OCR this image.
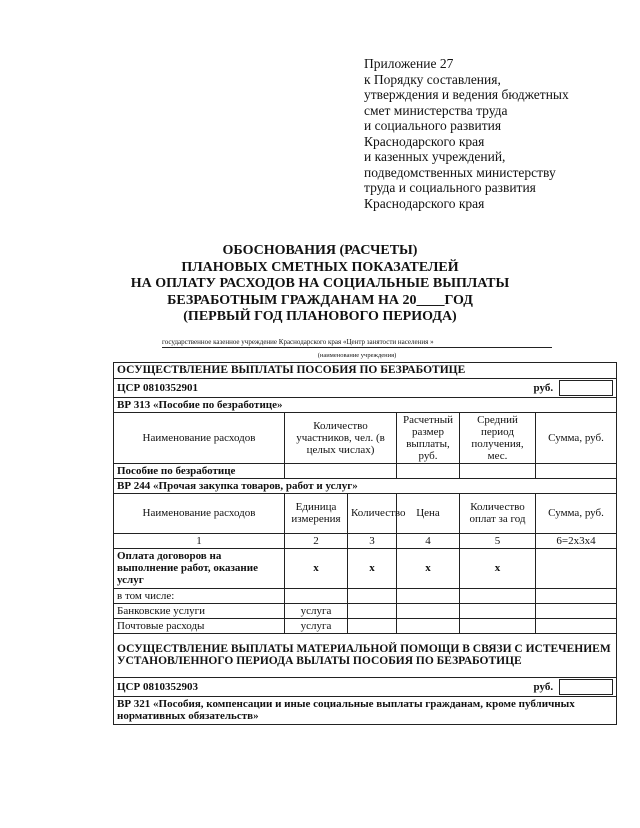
Приложение 27
к Порядку составления,
утверждения и ведения бюджетных
смет министерства труда
и социального развития
Краснодарского края
и казенных учреждений,
подведомственных министерству
труда и социального развития
Краснодарского края
ОБОСНОВАНИЯ (РАСЧЕТЫ)
ПЛАНОВЫХ СМЕТНЫХ ПОКАЗАТЕЛЕЙ
НА ОПЛАТУ РАСХОДОВ НА СОЦИАЛЬНЫЕ ВЫПЛАТЫ
БЕЗРАБОТНЫМ ГРАЖДАНАМ НА 20____ГОД
(ПЕРВЫЙ ГОД ПЛАНОВОГО ПЕРИОДА)
государственное казенное учреждение Краснодарского края «Центр занятости населения »
(наименование учреждения)
ОСУЩЕСТВЛЕНИЕ ВЫПЛАТЫ ПОСОБИЯ ПО БЕЗРАБОТИЦЕ					

ЦСР 0810352901 руб.					

ВР 313 «Пособие по безработице»					
Наименование расходов	Количество участников, чел. (в целых числах)		Расчетный размер выплаты, руб.	Средний период получения, мес.	Сумма, руб.
Пособие по безработице					
ВР 244 «Прочая закупка товаров, работ и услуг»					
Наименование расходов	Единица измерения	Количество	Цена	Количество оплат за год	Сумма, руб.
1	2	3	4	5	6=2x3x4
Оплата договоров на выполнение работ, оказание услуг	х	х	х	х	
в том числе:					
Банковские услуги	услуга				
Почтовые расходы	услуга				
ОСУЩЕСТВЛЕНИЕ ВЫПЛАТЫ МАТЕРИАЛЬНОЙ ПОМОЩИ В СВЯЗИ С ИСТЕЧЕНИЕМ УСТАНОВЛЕННОГО ПЕРИОДА ВЫЛАТЫ ПОСОБИЯ ПО БЕЗРАБОТИЦЕ					

ЦСР 0810352903 руб.					

ВР 321 «Пособия, компенсации и иные социальные выплаты гражданам, кроме публичных нормативных обязательств»					
